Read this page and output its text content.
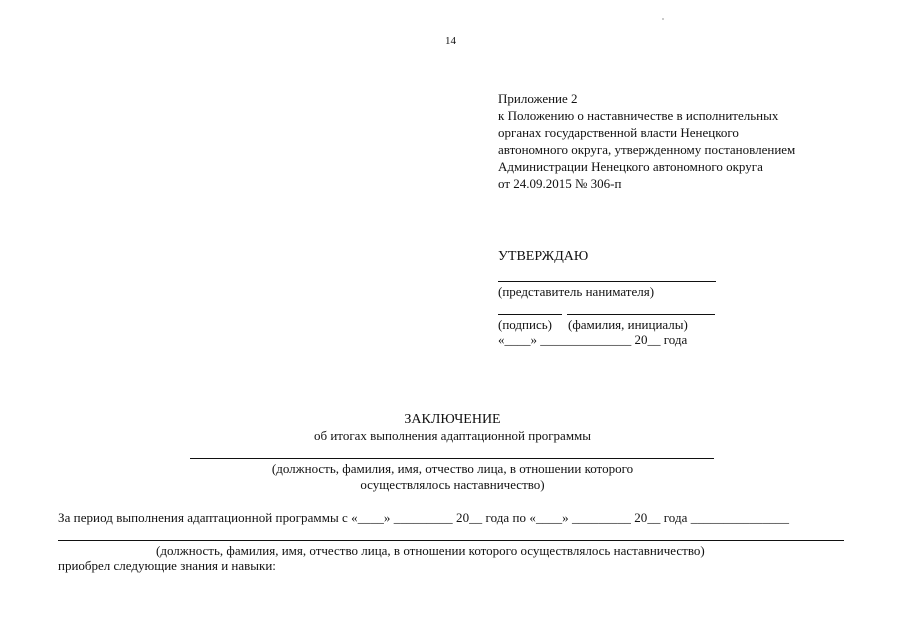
14
Приложение 2
к Положению о наставничестве в исполнительных
органах государственной власти Ненецкого
автономного округа, утвержденному постановлением
Администрации Ненецкого автономного округа
от 24.09.2015 № 306-п
УТВЕРЖДАЮ
(представитель нанимателя)
(подпись) (фамилия, инициалы)
«____» ______________ 20__ года
ЗАКЛЮЧЕНИЕ
об итогах выполнения адаптационной программы
(должность, фамилия, имя, отчество лица, в отношении которого
осуществлялось наставничество)
За период выполнения адаптационной программы с «____» _________ 20__ года по «____» _________ 20__ года _______________
(должность, фамилия, имя, отчество лица, в отношении которого осуществлялось наставничество)
приобрел следующие знания и навыки:
